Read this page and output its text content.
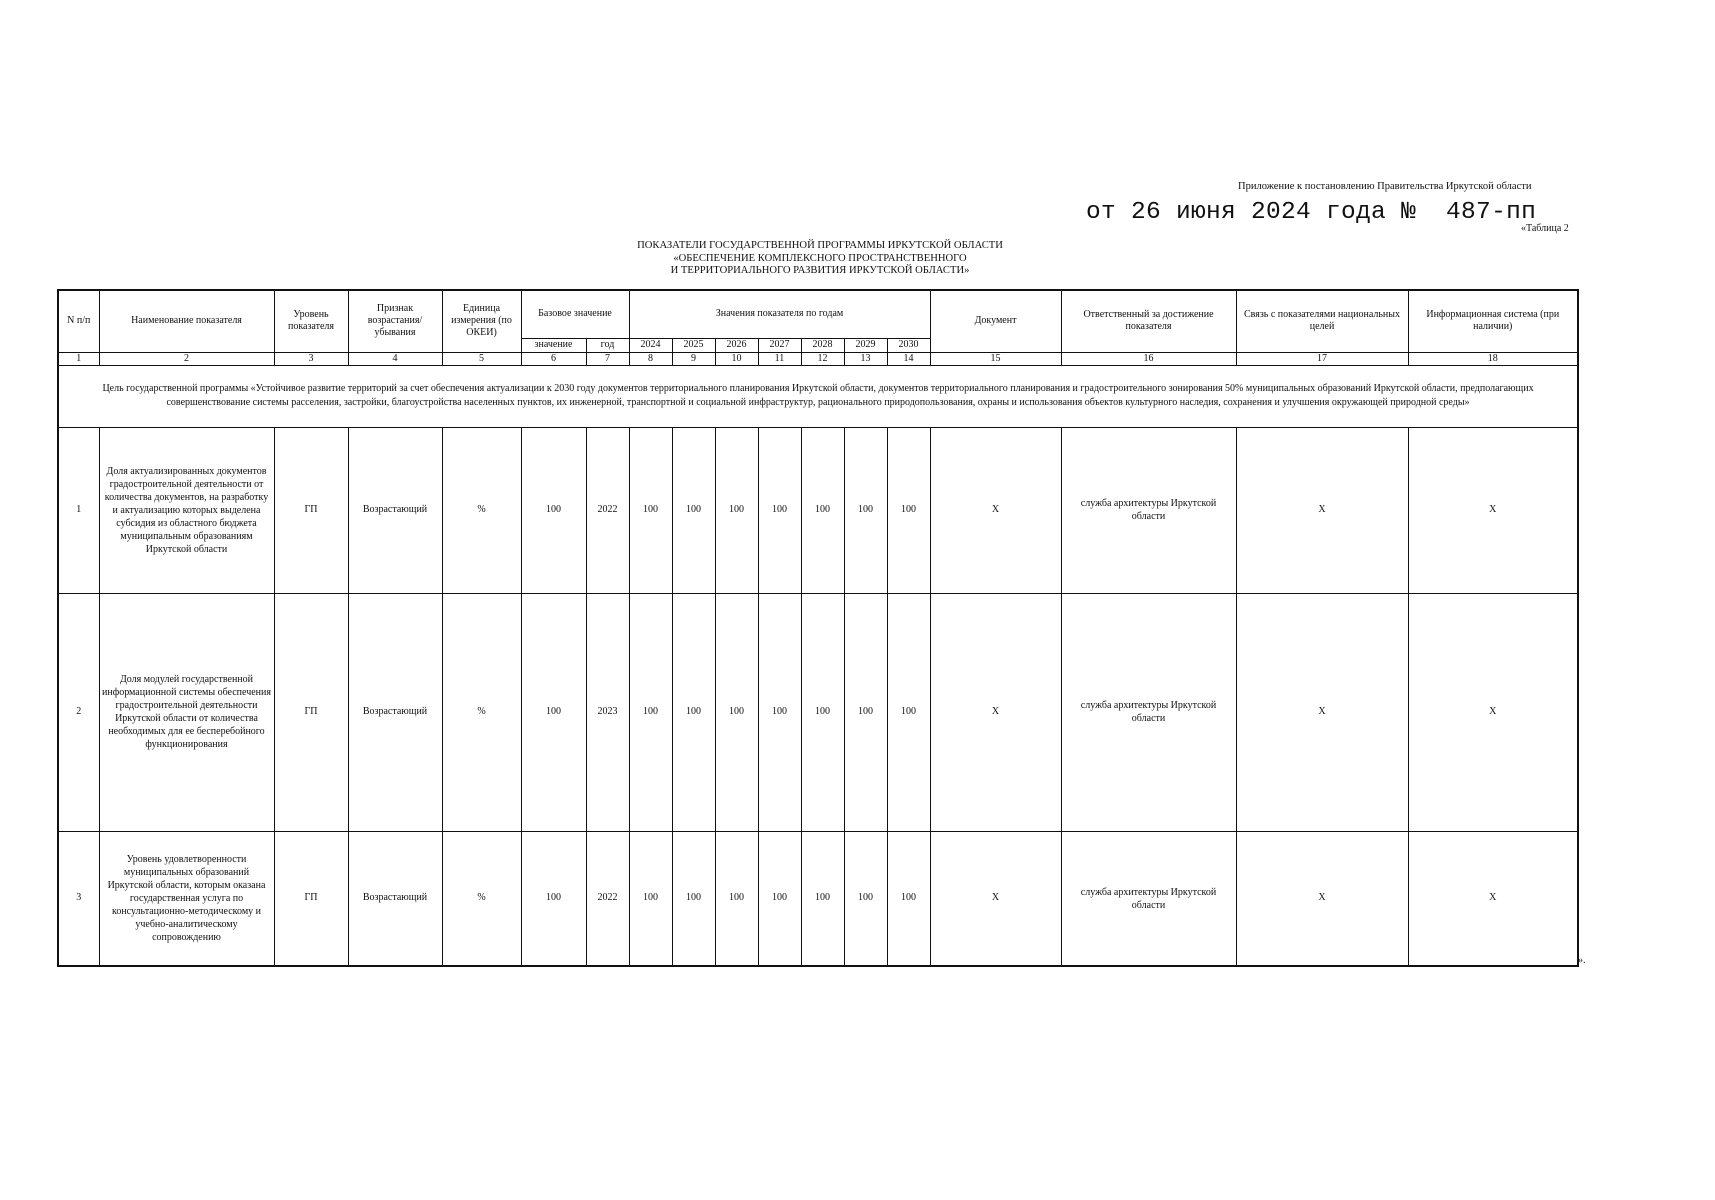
Приложение к постановлению Правительства Иркутской области
от 26 июня 2024 года №  487-пп
«Таблица 2
ПОКАЗАТЕЛИ ГОСУДАРСТВЕННОЙ ПРОГРАММЫ ИРКУТСКОЙ ОБЛАСТИ
«ОБЕСПЕЧЕНИЕ КОМПЛЕКСНОГО ПРОСТРАНСТВЕННОГО
И ТЕРРИТОРИАЛЬНОГО РАЗВИТИЯ ИРКУТСКОЙ ОБЛАСТИ»
N п/п	Наименование показателя	Уровень показателя	Признак возрастания/убывания	Единица измерения (по ОКЕИ)	Базовое значение		Значения показателя по годам							Документ	Ответственный за достижение показателя	Связь с показателями национальных целей	Информационная система (при наличии)
					значение	год	2024	2025	2026	2027	2028	2029	2030				
1	2	3	4	5	6	7	8	9	10	11	12	13	14	15	16	17	18
Цель государственной программы «Устойчивое развитие территорий за счет обеспечения актуализации к 2030 году документов территориального планирования Иркутской области, документов территориального планирования и градостроительного зонирования 50% муниципальных образований Иркутской области, предполагающих совершенствование системы расселения, застройки, благоустройства населенных пунктов, их инженерной, транспортной и социальной инфраструктур, рационального природопользования, охраны и использования объектов культурного наследия, сохранения и улучшения окружающей природной среды»																	
1	Доля актуализированных документов градостроительной деятельности от количества документов, на разработку и актуализацию которых выделена субсидия из областного бюджета муниципальным образованиям Иркутской области	ГП	Возрастающий	%	100	2022	100	100	100	100	100	100	100	Х	служба архитектуры Иркутской области	Х	Х
2	Доля модулей государственной информационной системы обеспечения градостроительной деятельности Иркутской области от количества необходимых для ее бесперебойного функционирования	ГП	Возрастающий	%	100	2023	100	100	100	100	100	100	100	Х	служба архитектуры Иркутской области	Х	Х
3	Уровень удовлетворенности муниципальных образований Иркутской области, которым оказана государственная услуга по консультационно-методическому и учебно-аналитическому сопровождению	ГП	Возрастающий	%	100	2022	100	100	100	100	100	100	100	Х	служба архитектуры Иркутской области	Х	Х
».
